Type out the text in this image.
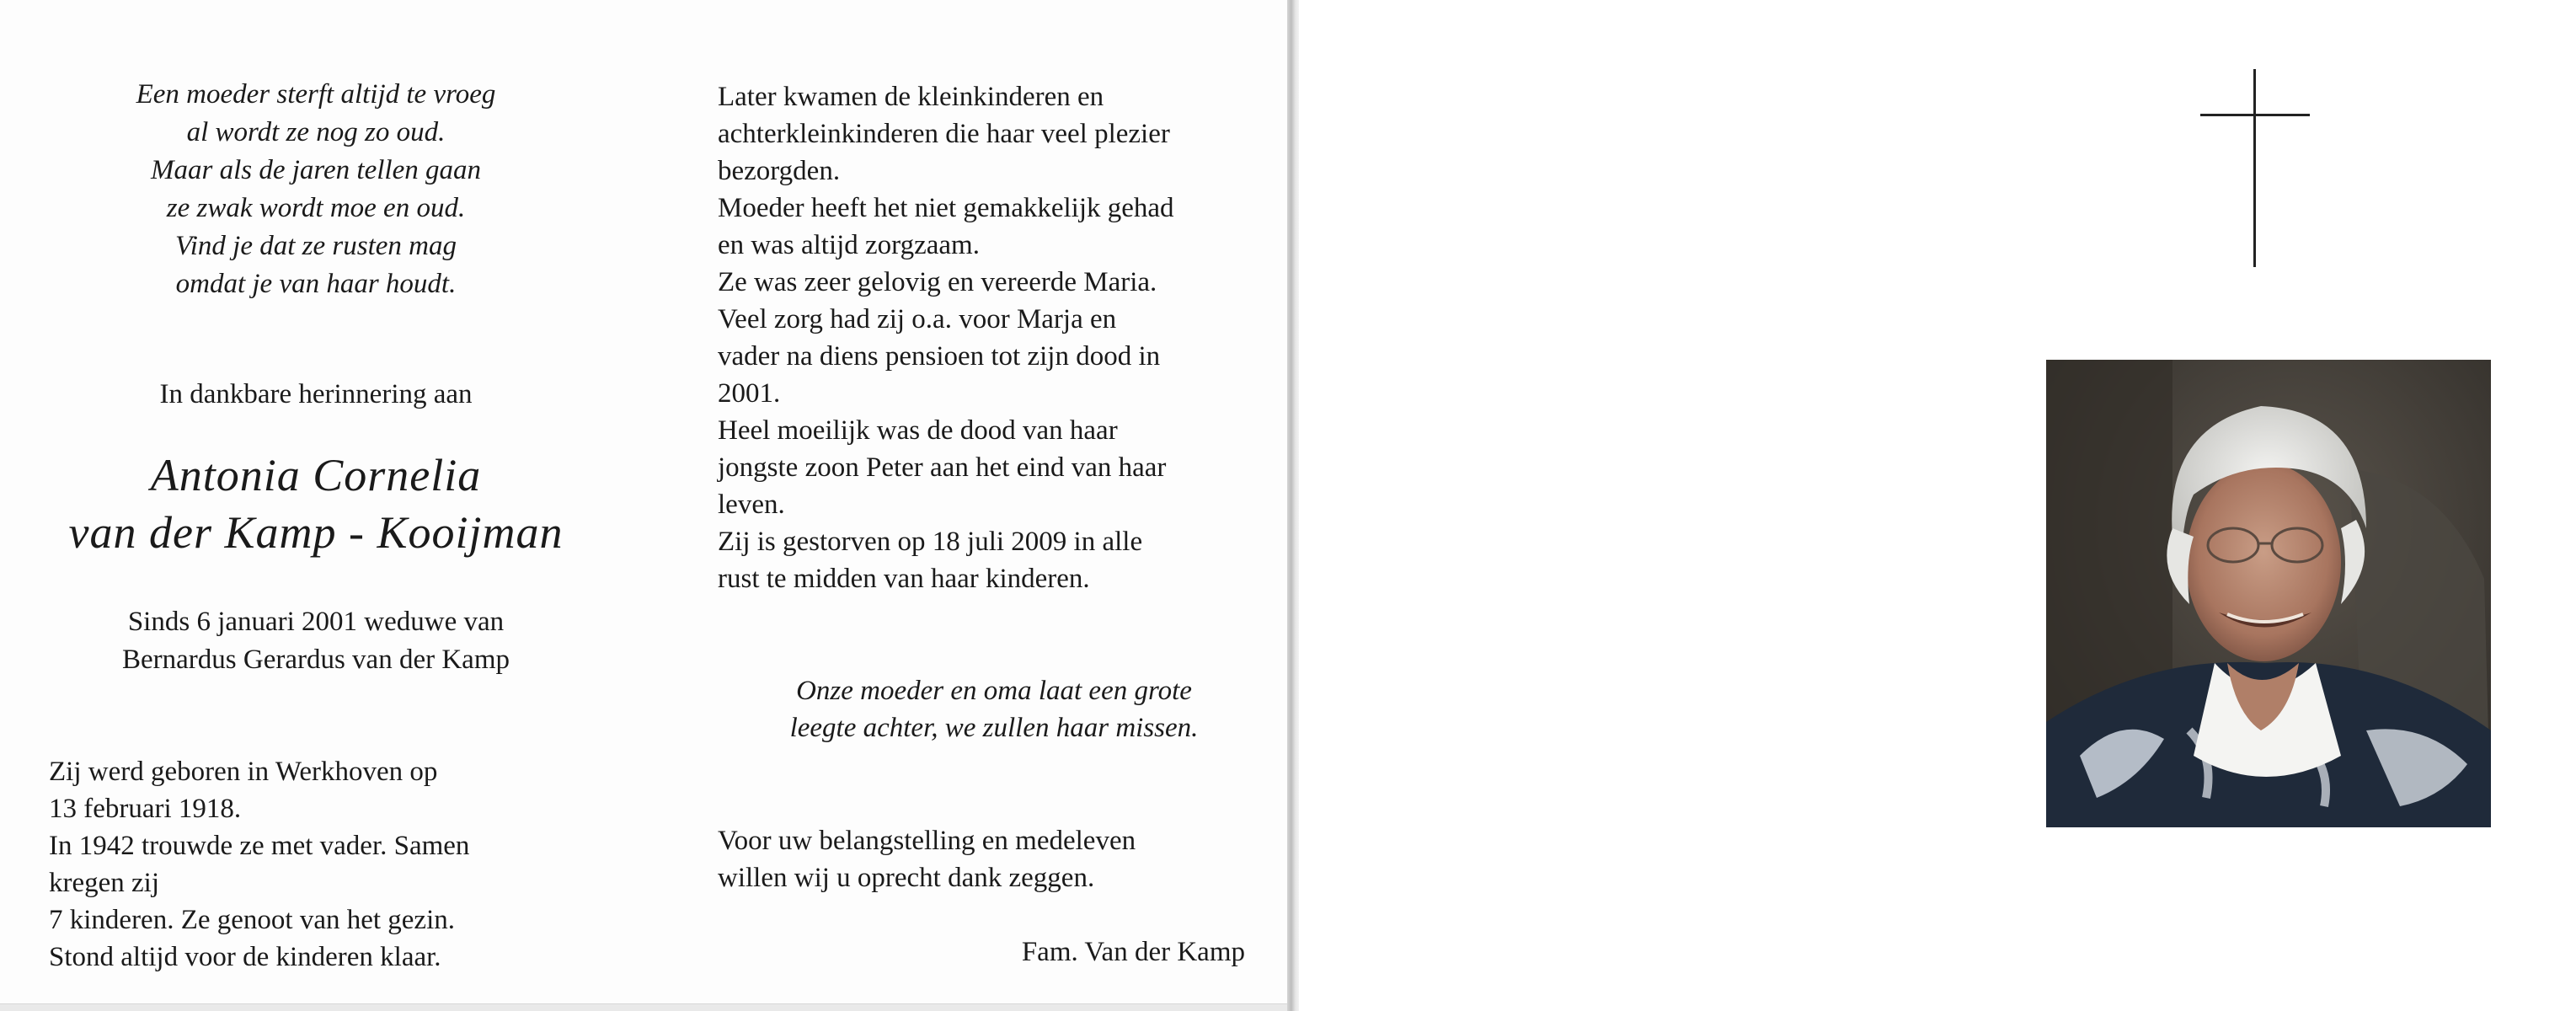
Een moeder sterft altijd te vroeg
al wordt ze nog zo oud.
Maar als de jaren tellen gaan
ze zwak wordt moe en oud.
Vind je dat ze rusten mag
omdat je van haar houdt.
In dankbare herinnering aan
Antonia Cornelia
van der Kamp - Kooijman
Sinds 6 januari 2001 weduwe van
Bernardus Gerardus van der Kamp
Zij werd geboren in Werkhoven op
13 februari 1918.
In 1942 trouwde ze met vader. Samen
kregen zij
7 kinderen. Ze genoot van het gezin.
Stond altijd voor de kinderen klaar.
Later kwamen de kleinkinderen en
achterkleinkinderen die haar veel plezier
bezorgden.
Moeder heeft het niet gemakkelijk gehad
en was altijd zorgzaam.
Ze was zeer gelovig en vereerde Maria.
Veel zorg had zij o.a. voor Marja en
vader na diens pensioen tot zijn dood in
2001.
Heel moeilijk was de dood van haar
jongste zoon Peter aan het eind van haar
leven.
Zij is gestorven op 18 juli 2009 in alle
rust te midden van haar kinderen.
Onze moeder en oma laat een grote
leegte achter, we zullen haar missen.
Voor uw belangstelling en medeleven
willen wij u oprecht dank zeggen.
Fam. Van der Kamp
